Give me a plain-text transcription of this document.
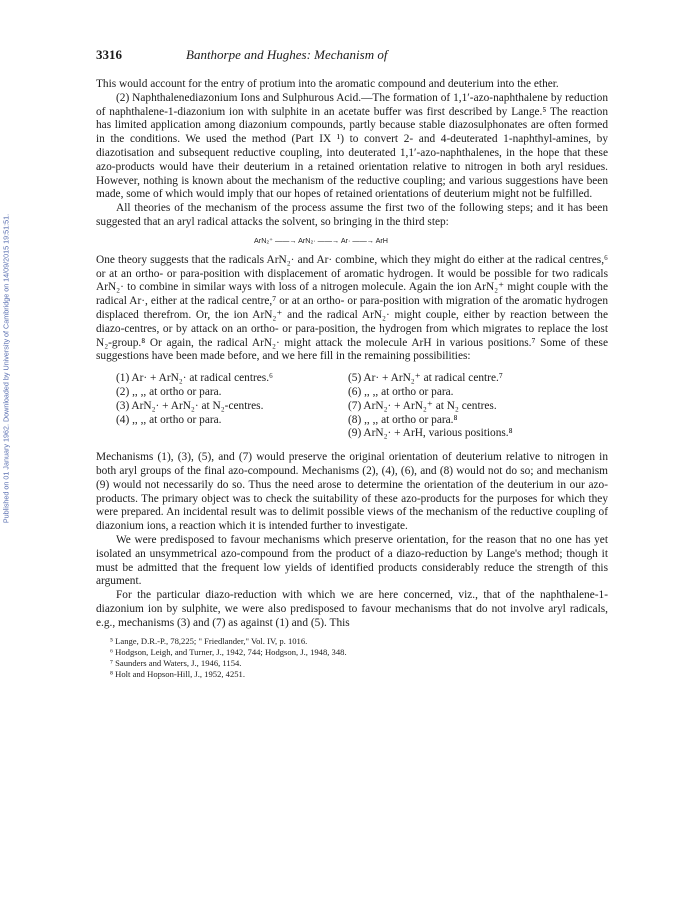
Published on 01 January 1962. Downloaded by University of Cambridge on 14/09/2015 19:51:51.
3316	Banthorpe and Hughes: Mechanism of

This would account for the entry of protium into the aromatic compound and deuterium into the ether.

(2) Naphthalenediazonium Ions and Sulphurous Acid.—The formation of 1,1′-azo-naphthalene by reduction of naphthalene-1-diazonium ion with sulphite in an acetate buffer was first described by Lange.⁵ The reaction has limited application among diazonium compounds, partly because stable diazosulphonates are often formed in the conditions. We used the method (Part IX ¹) to convert 2- and 4-deuterated 1-naphthyl-amines, by diazotisation and subsequent reductive coupling, into deuterated 1,1′-azo-naphthalenes, in the hope that these azo-products would have their deuterium in a retained orientation relative to nitrogen in both aryl residues. However, nothing is known about the mechanism of the reductive coupling; and various suggestions have been made, some of which would imply that our hopes of retained orientations of deuterium might not be fulfilled.

All theories of the mechanism of the process assume the first two of the following steps; and it has been suggested that an aryl radical attacks the solvent, so bringing in the third step:

ArN₂⁺ ——→ ArN₂· ——→ Ar· ——→ ArH

One theory suggests that the radicals ArN₂· and Ar· combine, which they might do either at the radical centres,⁶ or at an ortho- or para-position with displacement of aromatic hydrogen. It would be possible for two radicals ArN₂· to combine in similar ways with loss of a nitrogen molecule. Again the ion ArN₂⁺ might couple with the radical Ar·, either at the radical centre,⁷ or at an ortho- or para-position with migration of the aromatic hydrogen displaced therefrom. Or, the ion ArN₂⁺ and the radical ArN₂· might couple, either by reaction between the diazo-centres, or by attack on an ortho- or para-position, the hydrogen from which migrates to replace the lost N₂-group.⁸ Or again, the radical ArN₂· might attack the molecule ArH in various positions.⁷ Some of these suggestions have been made before, and we here fill in the remaining possibilities:

(1) Ar· + ArN₂· at radical centres.⁶
(2) ,, ,, at ortho or para.
(3) ArN₂· + ArN₂· at N₂-centres.
(4) ,, ,, at ortho or para.
(5) Ar· + ArN₂⁺ at radical centre.⁷
(6) ,, ,, at ortho or para.
(7) ArN₂· + ArN₂⁺ at N₂ centres.
(8) ,, ,, at ortho or para.⁸
(9) ArN₂· + ArH, various positions.⁸

Mechanisms (1), (3), (5), and (7) would preserve the original orientation of deuterium relative to nitrogen in both aryl groups of the final azo-compound. Mechanisms (2), (4), (6), and (8) would not do so; and mechanism (9) would not necessarily do so. Thus the need arose to determine the orientation of the deuterium in our azo-products. The primary object was to check the suitability of these azo-products for the purposes for which they were prepared. An incidental result was to delimit possible views of the mechanism of the reductive coupling of diazonium ions, a reaction which it is intended further to investigate.

We were predisposed to favour mechanisms which preserve orientation, for the reason that no one has yet isolated an unsymmetrical azo-compound from the product of a diazo-reduction by Lange's method; though it must be admitted that the frequent low yields of identified products considerably reduce the strength of this argument.

For the particular diazo-reduction with which we are here concerned, viz., that of the naphthalene-1-diazonium ion by sulphite, we were also predisposed to favour mechanisms that do not involve aryl radicals, e.g., mechanisms (3) and (7) as against (1) and (5). This

⁵ Lange, D.R.-P., 78,225; " Friedlander," Vol. IV, p. 1016.
⁶ Hodgson, Leigh, and Turner, J., 1942, 744; Hodgson, J., 1948, 348.
⁷ Saunders and Waters, J., 1946, 1154.
⁸ Holt and Hopson-Hill, J., 1952, 4251.
